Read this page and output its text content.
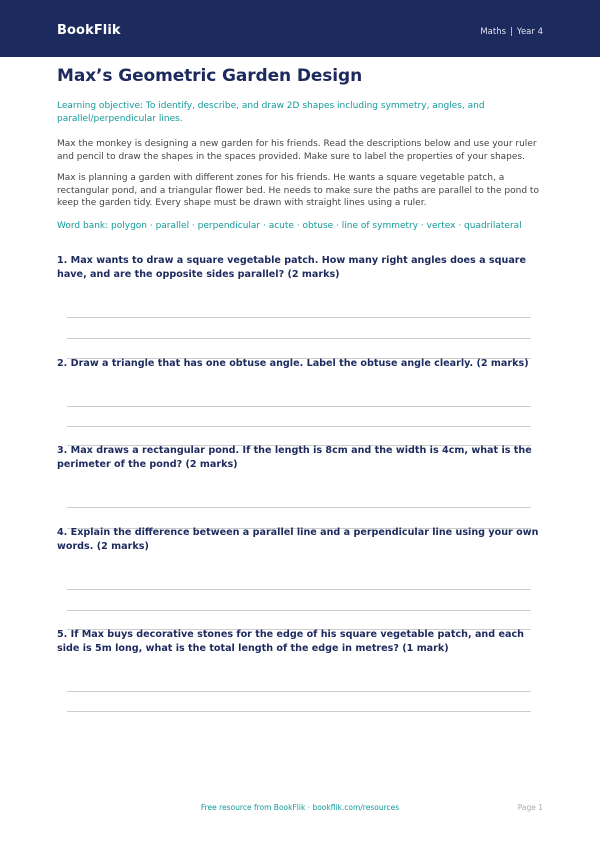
BookFlik	Maths | Year 4
Max’s Geometric Garden Design
Learning objective: To identify, describe, and draw 2D shapes including symmetry, angles, and parallel/perpendicular lines.
Max the monkey is designing a new garden for his friends. Read the descriptions below and use your ruler and pencil to draw the shapes in the spaces provided. Make sure to label the properties of your shapes.
Max is planning a garden with different zones for his friends. He wants a square vegetable patch, a rectangular pond, and a triangular flower bed. He needs to make sure the paths are parallel to the pond to keep the garden tidy. Every shape must be drawn with straight lines using a ruler.
Word bank: polygon · parallel · perpendicular · acute · obtuse · line of symmetry · vertex · quadrilateral

1. Max wants to draw a square vegetable patch. How many right angles does a square have, and are the opposite sides parallel? (2 marks)

2. Draw a triangle that has one obtuse angle. Label the obtuse angle clearly. (2 marks)

3. Max draws a rectangular pond. If the length is 8cm and the width is 4cm, what is the perimeter of the pond? (2 marks)

4. Explain the difference between a parallel line and a perpendicular line using your own words. (2 marks)

5. If Max buys decorative stones for the edge of his square vegetable patch, and each side is 5m long, what is the total length of the edge in metres? (1 mark)

Free resource from BookFlik · bookflik.com/resources	Page 1
